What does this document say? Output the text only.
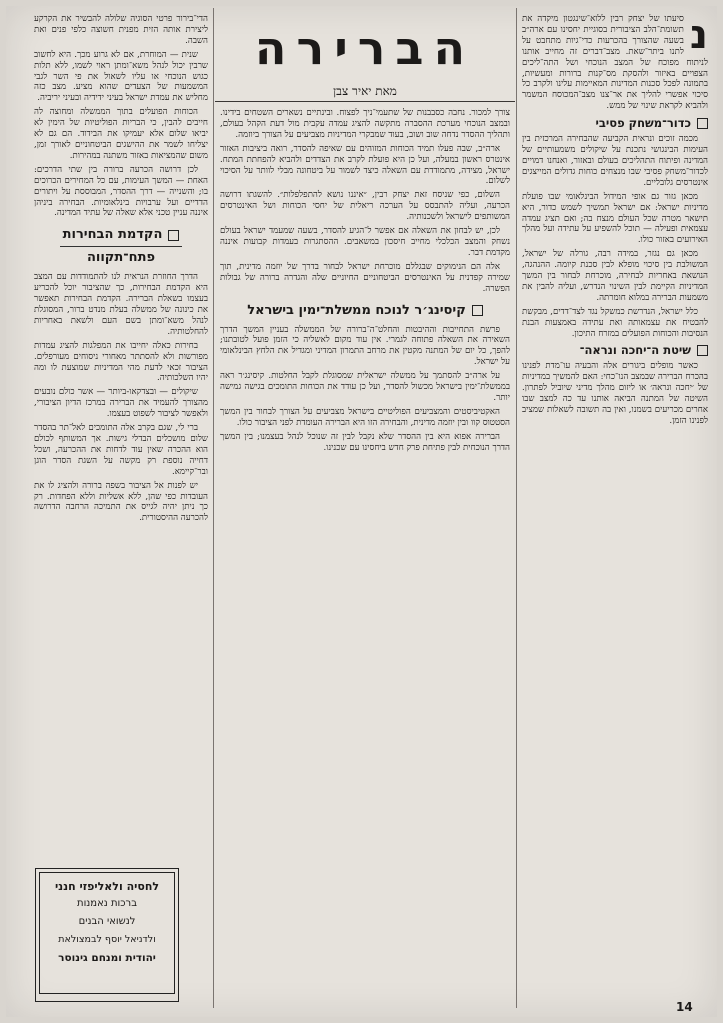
הברירה
מאת יאיר צבן

נ
סיעתו של יצחק רבין ללוא־שינגטון מיקדה את תשומת־הלב הציבורית בסוגיית יחסינו עם ארה״ב בשעה שהצורך בהכרעות כדי־גיות מתחבט על לתנו ביתר־שאת. מצב־דברים זה מחייב אותנו לניתוח מפוכח של המצב הנוכחי ושל התה־ליכים הצפויים באיזור ולהסקת מס־קנות ברורות ומעשיות, בתמונה לפכל סכנות המדינות המאיימות עלינו ולקרב כל סיכוי אפשרי להליך את אר־צנו מצב־המכוסח המשמר ולהביא לקראת שינוי של ממש.

כדור־משחק פסיבי

מכמה זוכים ונראית הקביעה שהבחירה המרכזית בין העימות הבינגושי נתכנת על שיקולים משמעותיים של המדינה ופיתוח התהליכים בעולם ובאזור, ואנחנו דמויים לכדור־משחק פסיבי שבו מנצחים כוחות גדולים המייצגים אינטרסים גלובליים.

מכאן גזור גם אופי המידול הבינלאומי שבו פועלת מדיניות ישראל: אם ישראל תמשיך לשמש כדור, היא תישאר מטרה שכל העולם מנצח בה; ואם תציג עמדה עצמאית ופעילה — תוכל להשפיע על עתידה ועל מהלך האירועים באזור כולו.

מכאן גם נגזר, במידה רבה, גורלה של ישראל, המשולבת בין סיכוי מופלא לבין סכנת קיומה. ההנהגה, הנושאת באחריות לבחירה, מוכרחת לבחור בין המשך המדיניות הקיימת לבין השינוי הנדרש, ועליה להבין את משמעות הברירה במלוא חומרתה.

כלל ישראל, הנדרשת כמשקל נגד לצד־דדים, מבקשת להבטיח את עצמאותה ואת עתידה באמצעות הבנת הנסיבות והכוחות הפועלים במזרח התיכון.

שיטת ה־יחכה ונראה־

כאשר מופלים ביגורים אלה והבעיה עו־מדת לפנינו בהכרח הברירה שבמצב הנו־כחי: האם להמשיך במדיניות של ׳יחכה ונראה׳ או ליזום מהלך מדיני שיוביל לפתרון. השיטה של המתנה הביאה אותנו עד כה למצב שבו אחרים מכריעים בשמנו, ואין בה תשובה לשאלות שמציב לפנינו הזמן.

צורך למכור. נחבה כסבבנות של שתעמי־ניך לפצוח. ובינתיים נשארים השטחים בידינו. ובמצב הנוכחי מערכת ההסברה מתקשה להציג עמדה עקבית מול דעת הקהל בעולם, ותהליך ההסדר נדחה שוב ושוב, בעוד שמבקרי המדיניות מצביעים על הצורך ביוזמה.

ארה״ב, שבה פעלו תמיד הכוחות המזוהים עם שאיפה להסדר, רואה ביציבות האזור אינטרס ראשון במעלה, ועל כן היא פועלת לקרב את הצדדים ולהביא להפחתת המתח. ישראל, מצידה, מתמודדת עם השאלה כיצד לשמור על ביטחונה מבלי לוותר על הסיכוי לשלום.

השלום, כפי שניסח זאת יצחק רבין, ״איננו נושא להתפלפלות״. להשגתו דרושה הכרעה, ועליה להתבסס על הערכה ריאלית של יחסי הכוחות ושל האינטרסים המשותפים לישראל ולשכנותיה.

לכן, יש לבחון את השאלה אם אפשר ל־הגיע להסדר, בשעה שמעמד ישראל בעולם נשחק והמצב הכלכלי מחייב חיסכון במשאבים. ההסתגרות בעמדות קבועות איננה מקדמת דבר.

אלה הם הנימוקים שבגללם מוכרחת ישראל לבחור בדרך של יוזמה מדינית, תוך שמירה קפדנית על האינטרסים הביטחוניים החיוניים שלה והגדרה ברורה של גבולות הפשרה.

קיסינג׳ר לנוכח ממשלת־ימין בישראל

פרשת התחייבות וההיבטות והחלט־ה־ברורה של הממשלה בעניין המשך הדרך השאירה את השאלה פתוחה לגמרי. אין עוד מקום לאשליה כי הזמן פועל לטובתנו; להפך, כל יום של המתנה מקטין את מרחב התמרון המדיני ומגדיל את הלחץ הבינלאומי על ישראל.

על ארה״ב להסתמך על ממשלה ישראלית שמסוגלת לקבל החלטות. קיסינג׳ר ראה בממשלת־ימין בישראל מכשול להסדר, ועל כן עודד את הכוחות התומכים בגישה גמישה יותר.

האקטיביסטים והמצביעים הפוליטיים בישראל מצביעים על הצורך לבחור בין המשך הסטטוס קוו ובין יוזמה מדינית, והבחירה הזו היא הברירה העומדת לפני הציבור כולו.

הברירה אפוא היא בין ההסדר שלא נקבל לבין זה שנוכל לנהל בעצמנו; בין המשך הדרך הנוכחית לבין פתיחת פרק חדש ביחסינו עם שכנינו.

הדי־בירור פרטי הסוגיה שלולה להבשיר את הקרקע ליצירת אותה הזית מפנית חשוצה כלפי פנים ואת השבה.

שנית — המוחרת, אם לא גרוע מכך. היא לחשוב שרבין יכול לנהל משא־ומתן ראוי לשמו, ללא תלות כגוש הנוכחי או עליו לשאול את פי השר לגבי המשמעות של הצעדים שהוא מציע. מצב כזה מחליש את עמדת ישראל בעיני ידידיה ובעיני יריביה.

הכוחות הפועלים בתוך הממשלה ומחוצה לה חייבים להבין, כי הבריות הפוליטיות של הימין לא יביאו שלום אלא יעמיקו את הבידוד. הם גם לא יצליחו לשמר את ההישגים הביטחוניים לאורך זמן, משום שהמציאות באזור משתנה במהירות.

לכן דרושה הכרעה ברורה בין שתי הדרכים: האחת — המשך העימות, עם כל המחירים הכרוכים בו; והשנייה — דרך ההסדר, המבוססת על ויתורים הדדיים ועל ערבויות בינלאומיות. הבחירה ביניהן איננה עניין טכני אלא שאלה של עתיד המדינה.

הקדמת הבחירות
פתח־תקווה

הדרך החוזרת הנראית לנו להתמודדות עם המצב היא הקדמת הבחירות, כך שהציבור יוכל להכריע בעצמו בשאלת הברירה. הקדמת הבחירות תאפשר את כינונה של ממשלה בעלת מנדט ברור, המסוגלת לנהל משא־ומתן בשם העם ולשאת באחריות להחלטותיה.

בחירות כאלה יחייבו את המפלגות להציג עמדות מפורשות ולא להסתתר מאחורי ניסוחים מעורפלים. הציבור זכאי לדעת מהי המדיניות שמוצעת לו ומה יהיו השלכותיה.

שיקולים — ובצדקאו-ביותר — אשר כולם נובעים מהצורך להעמיד את הברירה במרכז הדיון הציבורי, ולאפשר לציבור לשפוט בעצמו.

ברי לי, שגם בקרב אלה התומכים לאל־תר בהסדר שלום מושכלים הבדלי גישות. אך המשותף לכולם הוא ההכרה שאין עוד לדחות את ההכרעה, ושכל דחייה נוספת רק מקשה על השגת הסדר הוגן ובר־קיימא.

יש לפנות אל הציבור בשפה ברורה ולהציג לו את העובדות כפי שהן, ללא אשליות וללא הפחדות. רק כך ניתן יהיה לגייס את התמיכה הרחבה הדרושה להכרעה ההיסטורית.

לחסיה ולאליפזי חנני
ברכות נאמנות
לנשואי הבנים
ולדניאל יוסף לבמצולאת
יהודית ומנחם גינוסר
14
